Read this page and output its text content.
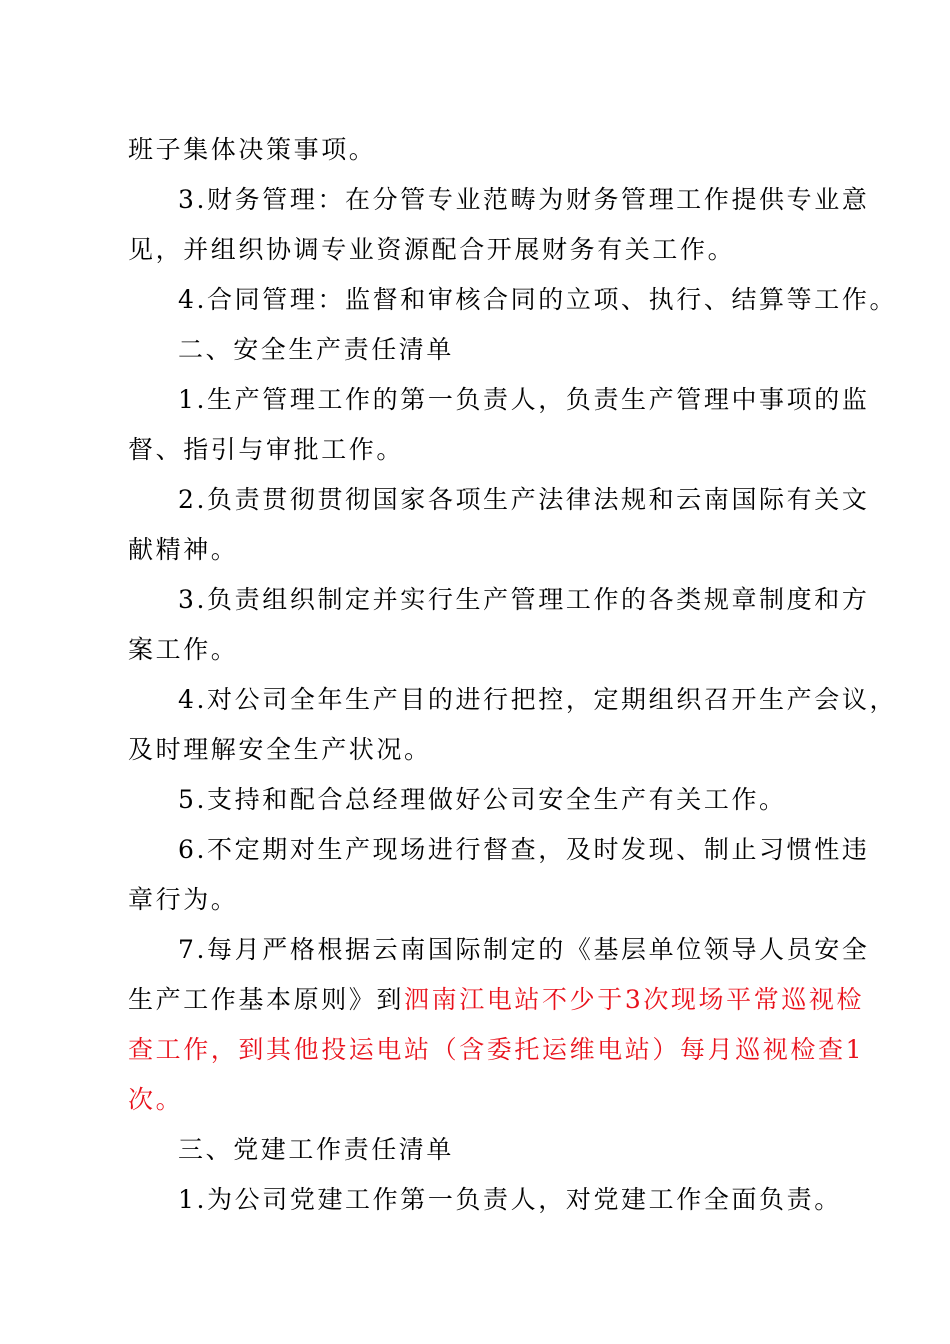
班子集体决策事项。
3.财务管理：在分管专业范畴为财务管理工作提供专业意
见，并组织协调专业资源配合开展财务有关工作。
4.合同管理：监督和审核合同的立项、执行、结算等工作。
二、安全生产责任清单
1.生产管理工作的第一负责人，负责生产管理中事项的监
督、指引与审批工作。
2.负责贯彻贯彻国家各项生产法律法规和云南国际有关文
献精神。
3.负责组织制定并实行生产管理工作的各类规章制度和方
案工作。
4.对公司全年生产目的进行把控，定期组织召开生产会议，
及时理解安全生产状况。
5.支持和配合总经理做好公司安全生产有关工作。
6.不定期对生产现场进行督查，及时发现、制止习惯性违
章行为。
7.每月严格根据云南国际制定的《基层单位领导人员安全
生产工作基本原则》到泗南江电站不少于3次现场平常巡视检
查工作，到其他投运电站（含委托运维电站）每月巡视检查1
次。
三、党建工作责任清单
1.为公司党建工作第一负责人，对党建工作全面负责。
